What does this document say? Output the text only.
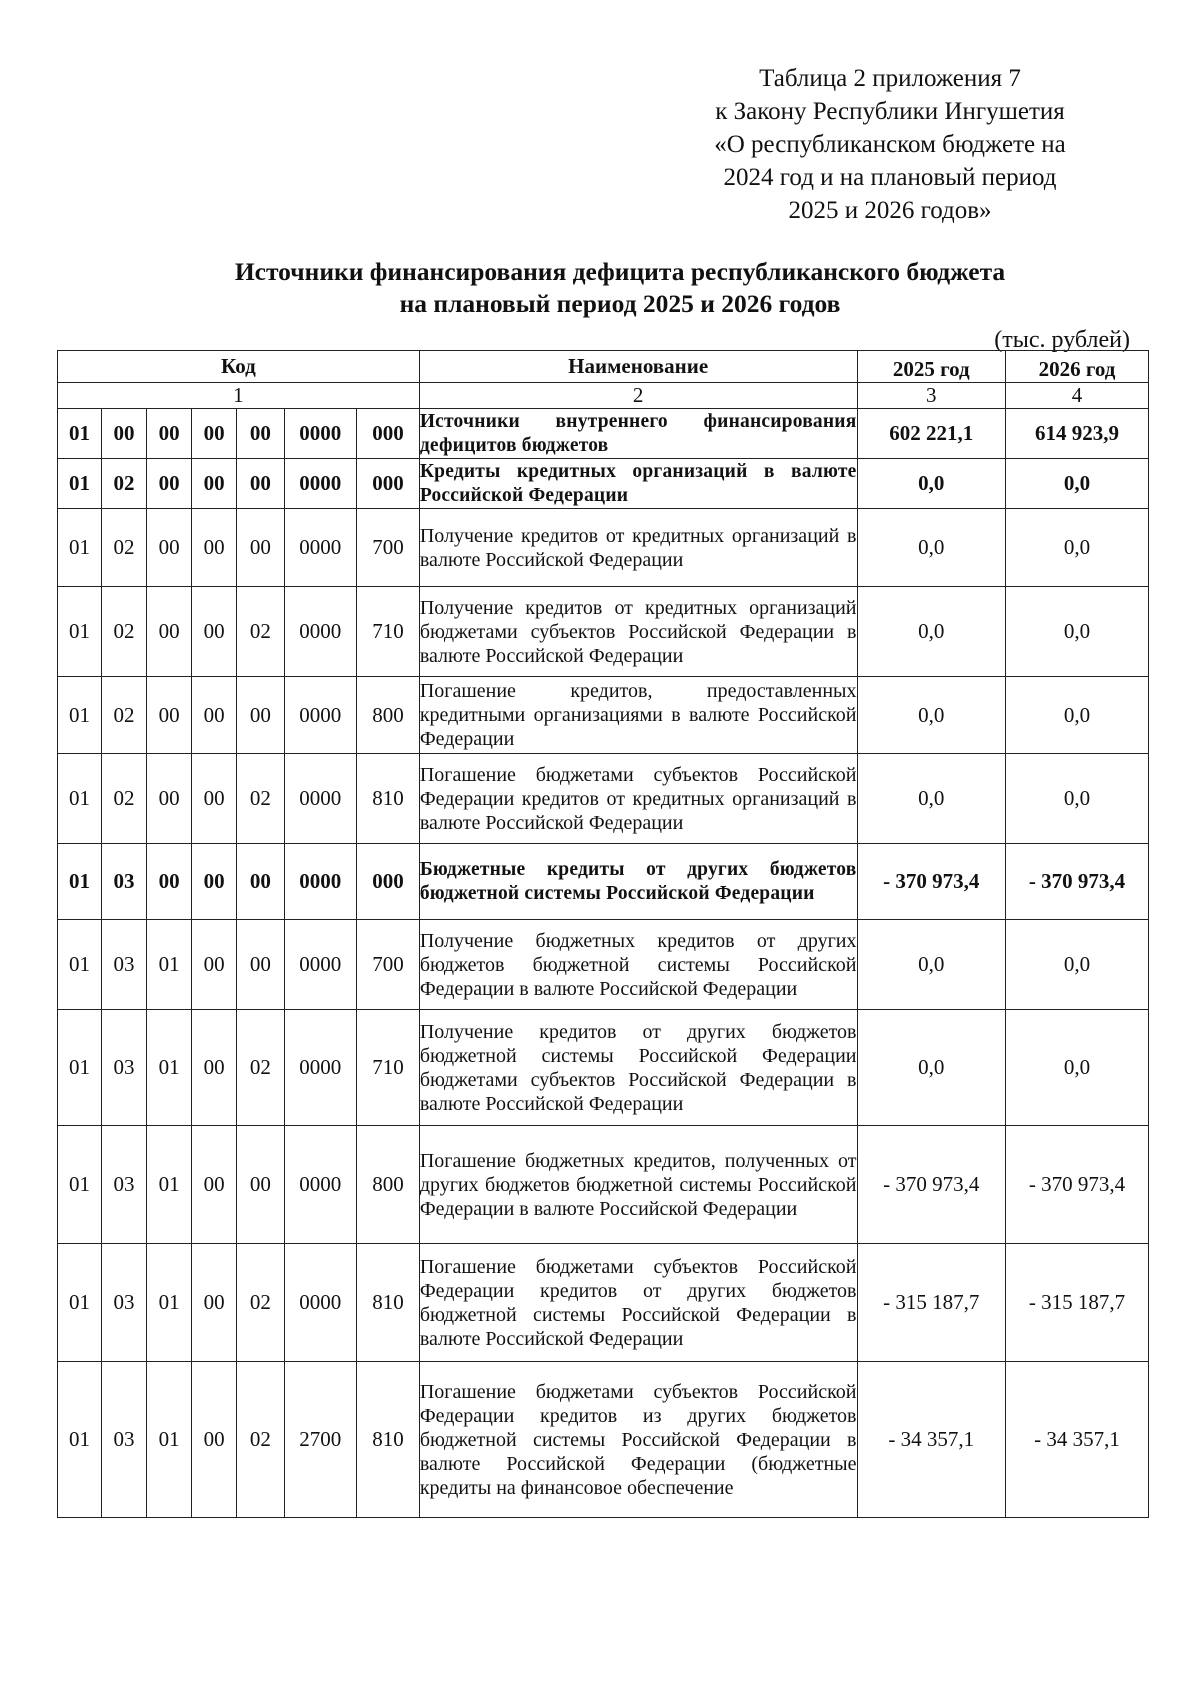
Таблица 2 приложения 7
к Закону Республики Ингушетия
«О республиканском бюджете на
2024 год и на плановый период
2025 и 2026 годов»
Источники финансирования дефицита республиканского бюджета
на плановый период 2025 и 2026 годов
(тыс. рублей)
Код							Наименование	2025 год	2026 год
1							2	3	4
01	00	00	00	00	0000	000	Источники внутреннего финансирования дефицитов бюджетов	602 221,1	614 923,9
01	02	00	00	00	0000	000	Кредиты кредитных организаций в валюте Российской Федерации	0,0	0,0
01	02	00	00	00	0000	700	Получение кредитов от кредитных организаций в валюте Российской Федерации	0,0	0,0
01	02	00	00	02	0000	710	Получение кредитов от кредитных организаций бюджетами субъектов Российской Федерации в валюте Российской Федерации	0,0	0,0
01	02	00	00	00	0000	800	Погашение кредитов, предоставленных кредитными организациями в валюте Российской Федерации	0,0	0,0
01	02	00	00	02	0000	810	Погашение бюджетами субъектов Российской Федерации кредитов от кредитных организаций в валюте Российской Федерации	0,0	0,0
01	03	00	00	00	0000	000	Бюджетные кредиты от других бюджетов бюджетной системы Российской Федерации	- 370 973,4	- 370 973,4
01	03	01	00	00	0000	700	Получение бюджетных кредитов от других бюджетов бюджетной системы Российской Федерации в валюте Российской Федерации	0,0	0,0
01	03	01	00	02	0000	710	Получение кредитов от других бюджетов бюджетной системы Российской Федерации бюджетами субъектов Российской Федерации в валюте Российской Федерации	0,0	0,0
01	03	01	00	00	0000	800	Погашение бюджетных кредитов, полученных от других бюджетов бюджетной системы Российской Федерации в валюте Российской Федерации	- 370 973,4	- 370 973,4
01	03	01	00	02	0000	810	Погашение бюджетами субъектов Российской Федерации кредитов от других бюджетов бюджетной системы Российской Федерации в валюте Российской Федерации	- 315 187,7	- 315 187,7
01	03	01	00	02	2700	810	Погашение бюджетами субъектов Российской Федерации кредитов из других бюджетов бюджетной системы Российской Федерации в валюте Российской Федерации (бюджетные кредиты на финансовое обеспечение	- 34 357,1	- 34 357,1
